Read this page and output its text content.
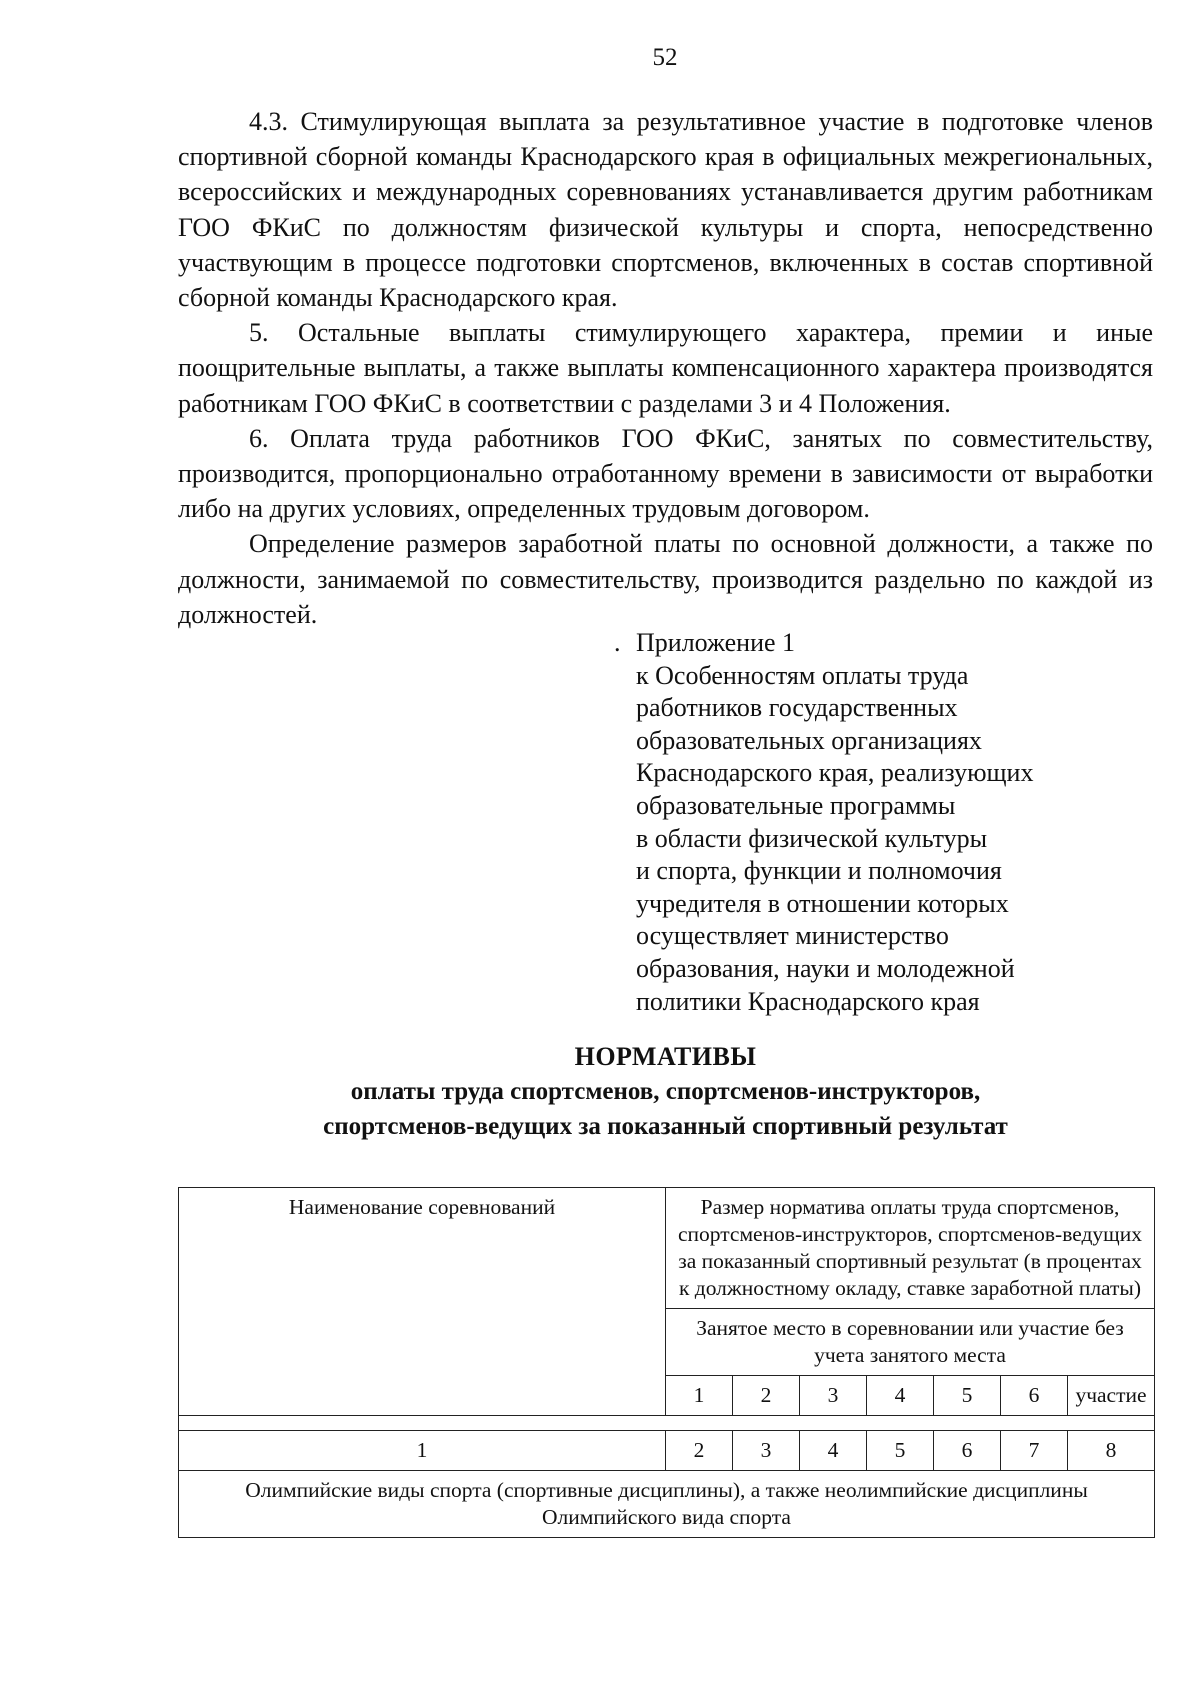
52

4.3. Стимулирующая выплата за результативное участие в подготовке членов спортивной сборной команды Краснодарского края в официальных межрегиональных, всероссийских и международных соревнованиях устанавливается другим работникам ГОО ФКиС по должностям физической культуры и спорта, непосредственно участвующим в процессе подготовки спортсменов, включенных в состав спортивной сборной команды Краснодарского края.

5. Остальные выплаты стимулирующего характера, премии и иные поощрительные выплаты, а также выплаты компенсационного характера производятся работникам ГОО ФКиС в соответствии с разделами 3 и 4 Положения.

6. Оплата труда работников ГОО ФКиС, занятых по совместительству, производится, пропорционально отработанному времени в зависимости от выработки либо на других условиях, определенных трудовым договором.

Определение размеров заработной платы по основной должности, а также по должности, занимаемой по совместительству, производится раздельно по каждой из должностей.

. Приложение 1
к Особенностям оплаты труда
работников государственных
образовательных организациях
Краснодарского края, реализующих
образовательные программы
в области физической культуры
и спорта, функции и полномочия
учредителя в отношении которых
осуществляет министерство
образования, науки и молодежной
политики Краснодарского края
НОРМАТИВЫ
оплаты труда спортсменов, спортсменов-инструкторов,
спортсменов-ведущих за показанный спортивный результат
Наименование соревнований	Размер норматива оплаты труда спортсменов, спортсменов-инструкторов, спортсменов-ведущих за показанный спортивный результат (в процентах к должностному окладу, ставке заработной платы)						
	Занятое место в соревновании или участие без учета занятого места						
	1	2	3	4	5	6	участие

1	2	3	4	5	6	7	8
Олимпийские виды спорта (спортивные дисциплины), а также неолимпийские дисциплины Олимпийского вида спорта							
